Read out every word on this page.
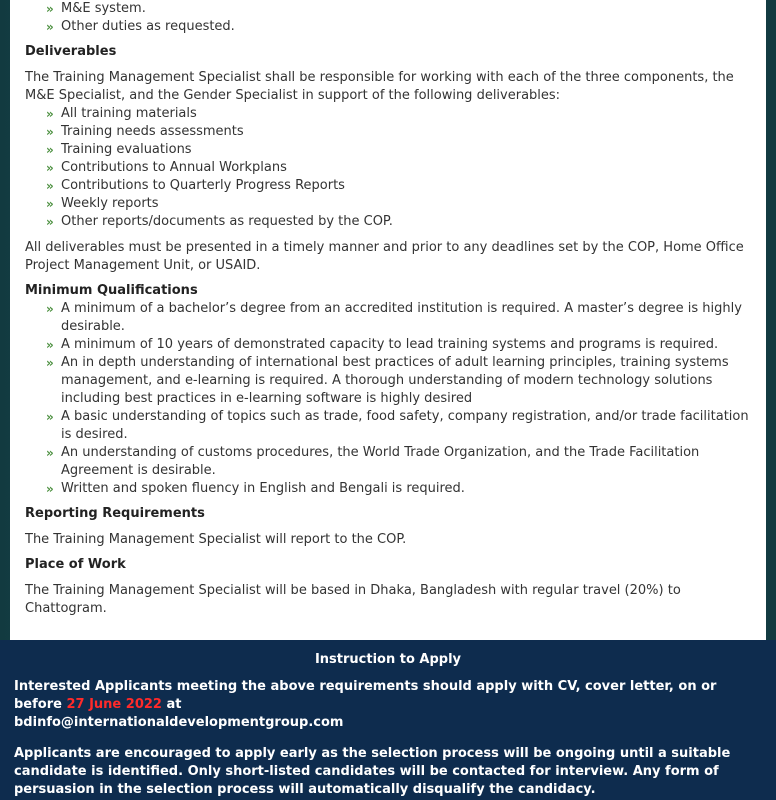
» M&E system.
» Other duties as requested.
Deliverables

The Training Management Specialist shall be responsible for working with each of the three components, the M&E Specialist, and the Gender Specialist in support of the following deliverables:

» All training materials
» Training needs assessments
» Training evaluations
» Contributions to Annual Workplans
» Contributions to Quarterly Progress Reports
» Weekly reports
» Other reports/documents as requested by the COP.

All deliverables must be presented in a timely manner and prior to any deadlines set by the COP, Home Office Project Management Unit, or USAID.

Minimum Qualifications
» A minimum of a bachelor’s degree from an accredited institution is required. A master’s degree is highly desirable.
» A minimum of 10 years of demonstrated capacity to lead training systems and programs is required.
» An in depth understanding of international best practices of adult learning principles, training systems management, and e-learning is required. A thorough understanding of modern technology solutions including best practices in e-learning software is highly desired
» A basic understanding of topics such as trade, food safety, company registration, and/or trade facilitation is desired.
» An understanding of customs procedures, the World Trade Organization, and the Trade Facilitation Agreement is desirable.
» Written and spoken fluency in English and Bengali is required.
Reporting Requirements

The Training Management Specialist will report to the COP.

Place of Work

The Training Management Specialist will be based in Dhaka, Bangladesh with regular travel (20%) to Chattogram.

Instruction to Apply

Interested Applicants meeting the above requirements should apply with CV, cover letter, on or before 27 June 2022 at
bdinfo@internationaldevelopmentgroup.com

Applicants are encouraged to apply early as the selection process will be ongoing until a suitable candidate is identified. Only short-listed candidates will be contacted for interview. Any form of persuasion in the selection process will automatically disqualify the candidacy.
